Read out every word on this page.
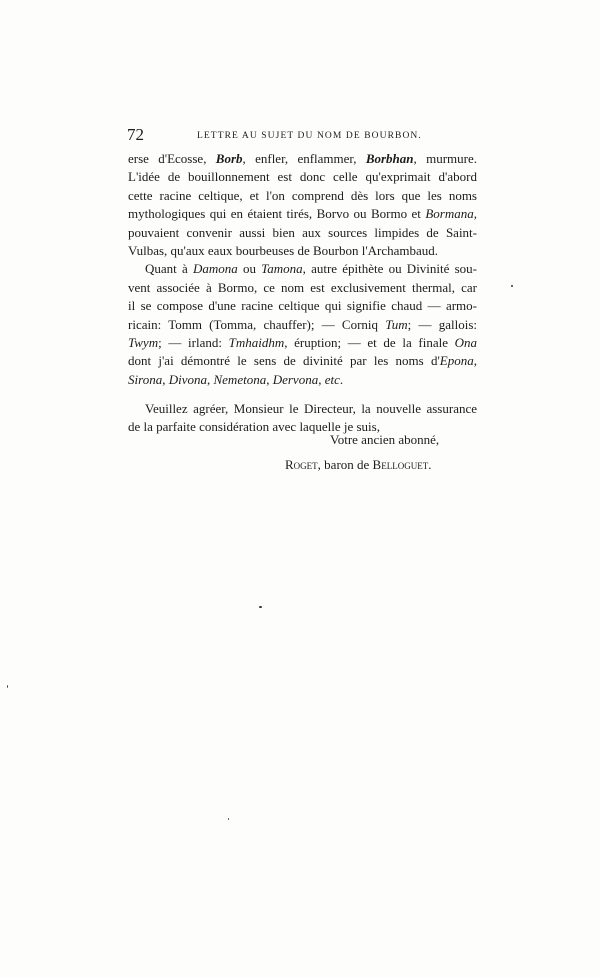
72	LETTRE AU SUJET DU NOM DE BOURBON.
erse d'Ecosse, Borb, enfler, enflammer, Borbhan, murmure.
L'idée de bouillonnement est donc celle qu'exprimait d'abord
cette racine celtique, et l'on comprend dès lors que les noms
mythologiques qui en étaient tirés, Borvo ou Bormo et Bormana,
pouvaient convenir aussi bien aux sources limpides de Saint-
Vulbas, qu'aux eaux bourbeuses de Bourbon l'Archambaud.
Quant à Damona ou Tamona, autre épithète ou Divinité sou-
vent associée à Bormo, ce nom est exclusivement thermal, car
il se compose d'une racine celtique qui signifie chaud — armo-
ricain: Tomm (Tomma, chauffer); — Corniq Tum; — gallois:
Twym; — irland: Tmhaidhm, éruption; — et de la finale Ona
dont j'ai démontré le sens de divinité par les noms d'Epona,
Sirona, Divona, Nemetona, Dervona, etc.
Veuillez agréer, Monsieur le Directeur, la nouvelle assurance
de la parfaite considération avec laquelle je suis,
Votre ancien abonné,
Roget, baron de Belloguet.
